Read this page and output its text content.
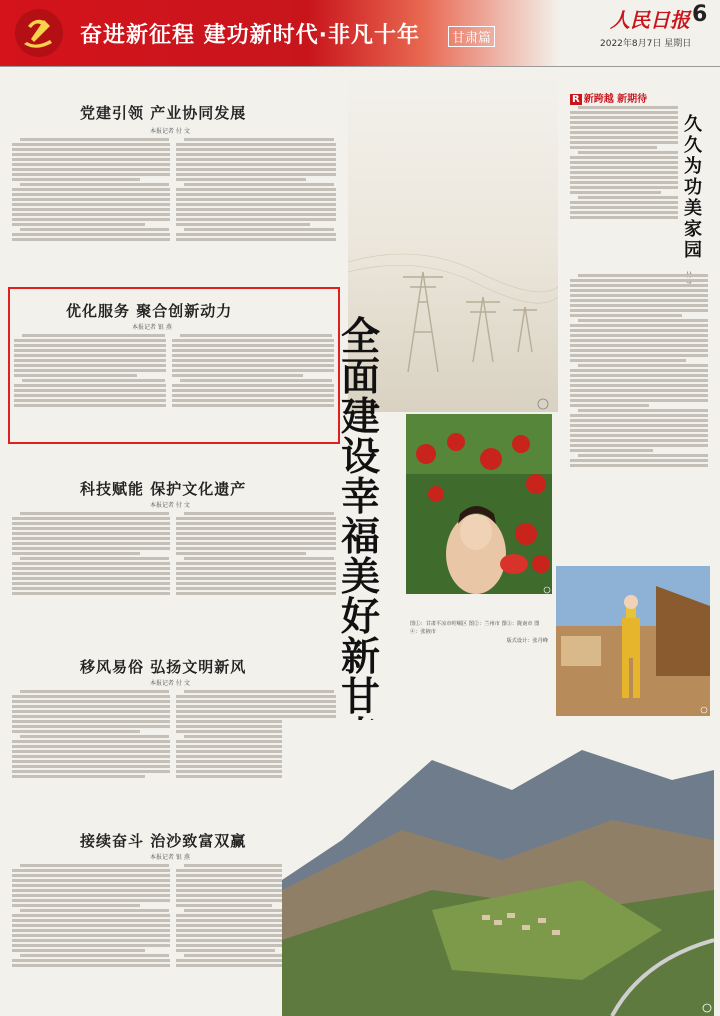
奋进新征程 建功新时代·非凡十年	甘肃篇
人民日报 6
2022年8月7日 星期日
党建引领 产业协同发展
本报记者 付 文
优化服务 聚合创新动力
本报记者 银 燕
科技赋能 保护文化遗产
本报记者 付 文
移风易俗 弘扬文明新风
本报记者 付 文
接续奋斗 治沙致富双赢
本报记者 银 燕
全面建设幸福美好新甘
R 新跨越 新期待
久久为功美家园
图①：甘肃平凉市崆峒区 图②：兰州市 图③：陇南市 图④：张掖市
版式设计：张丹峰
